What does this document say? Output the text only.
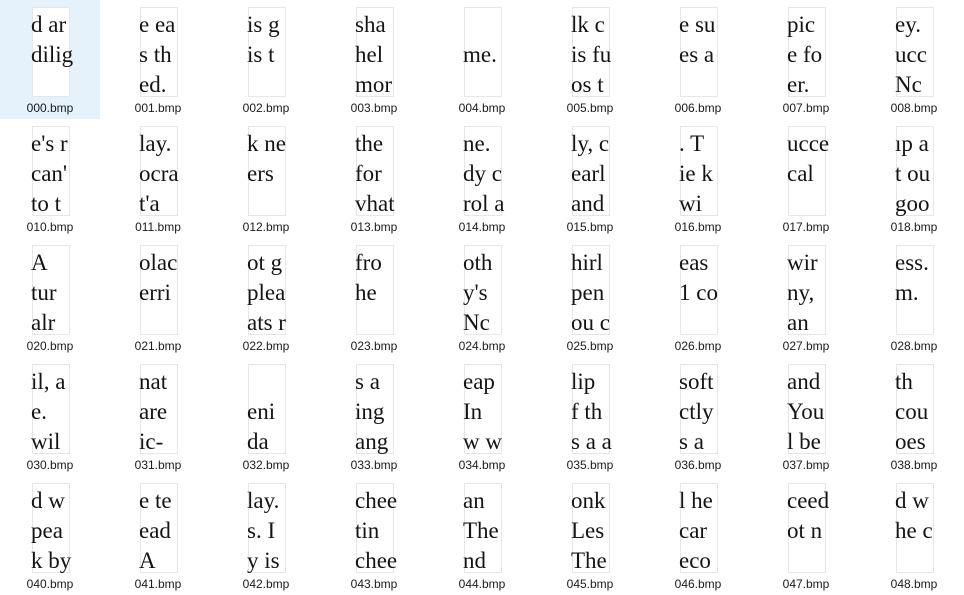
d ar
dilig
000.bmp
e ea
s th
ed.
001.bmp
is g
is t
002.bmp
sha
hel
mor
003.bmp
me.
004.bmp
lk c
is fu
os t
005.bmp
e su
es a
006.bmp
pic
e fo
er.
007.bmp
ey.
ucc
Nc
008.bmp
e's r
can'
to t
010.bmp
lay.
ocra
t'a
011.bmp
k ne
ers
012.bmp
the
for
vhat
013.bmp
ne.
dy c
rol a
014.bmp
ly, c
earl
and
015.bmp
. T
ie k
wi
016.bmp
ucce
cal
017.bmp
ıp a
t ou
goo
018.bmp
A
tur
alr
020.bmp
olac
erri
021.bmp
ot g
plea
ats r
022.bmp
fro
he
023.bmp
oth
y's
Nc
024.bmp
hirl
pen
ou c
025.bmp
eas
1 co
026.bmp
wir
ny,
an
027.bmp
ess.
m.
028.bmp
il, a
e.
wil
030.bmp
nat
are
ic-
031.bmp
eni
da
032.bmp
s a
ing
ang
033.bmp
eap
In
w w
034.bmp
lip
f th
s a a
035.bmp
soft
ctly
s a
036.bmp
and
You
l be
037.bmp
th
cou
oes
038.bmp
d w
pea
k by
040.bmp
e te
ead
A
041.bmp
lay.
s. I
y is
042.bmp
chee
tin
chee
043.bmp
an
The
nd
044.bmp
onk
Les
The
045.bmp
l he
car
eco
046.bmp
ceed
ot n
047.bmp
d w
he c
048.bmp
